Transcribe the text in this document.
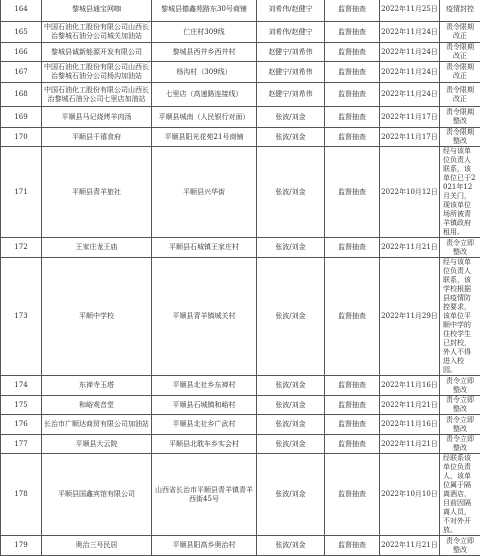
164	黎城县通宝网咖	黎城县德鑫苑路东30号商铺	刘希伟/赵健宁	监督抽查	2022年11月25日	疫情封控
165	中国石油化工股份有限公司山西长治黎城石油分公司城关加油站	仁庄村309线	刘希伟/赵健宁	监督抽查	2022年11月24日	责令限期改正
166	黎城县诚新能源开发有限公司	黎城县西井乡西井村	赵健宁/刘希伟	监督抽查	2022年11月24日	责令限期改正
167	中国石油化工股份有限公司山西长治黎城石油分公司杨沟加油站	杨沟村（309线）	赵健宁/刘希伟	监督抽查	2022年11月24日	责令限期改正
168	中国石油化工股份有限公司山西长治黎城石油分公司七里店加油站	七里店（高速路连接线）	赵健宁/刘希伟	监督抽查	2022年11月24日	责令限期改正
169	平顺县马记烧烤羊肉汤	平顺县城南（人民银行对面）	张波/刘金	监督抽查	2022年11月17日	责令限期整改
170	平顺县千禧食府	平顺县阳光花苑21号商铺	张波/刘金	监督抽查	2022年11月17日	责令限期整改
171	平顺县青羊旅社	平顺县兴华街	张波/刘金	监督抽查	2022年10月12日	经与该单位负责人联系，该单位已于2021年12月关门，现该单位场所被青羊镇政府租用。
172	王家庄龙王庙	平顺县石城镇王家庄村	张波/刘金	监督抽查	2022年11月21日	责令立即整改
173	平顺中学校	平顺县青羊镇城关村	张波/刘金	监督抽查	2022年11月29日	经与该单位负责人联系，该学校根据县疫情防控要求，该单位平顺中学的住校学生已封校，外人不得进入校园。
174	东禅寺玉塔	平顺县北社乡东禅村	张波/刘金	监督抽查	2022年11月16日	责令立即整改
175	和峪观音堂	平顺县石城镇和峪村	张波/刘金	监督抽查	2022年11月21日	责令立即整改
176	长治市广顺达商贸有限公司加油站	平顺县北社乡广武村	张波/刘金	监督抽查	2022年11月16日	责令立即整改
177	平顺县大云院	平顺县北耽车乡实会村	张波/刘金	监督抽查	2022年11月21日	责令立即整改
178	平顺县国鑫宾馆有限公司	山西省长治市平顺县青羊镇青羊西街45号	张波/刘金	监督抽查	2022年10月10日	经联系该单位负责人，该单位属于隔离酒店，目前因隔离人员，不对外开放。
179	奥治三号民居	平顺县阳高乡奥治村	张波/刘金	监督抽查	2022年11月21日	责令立即整改
